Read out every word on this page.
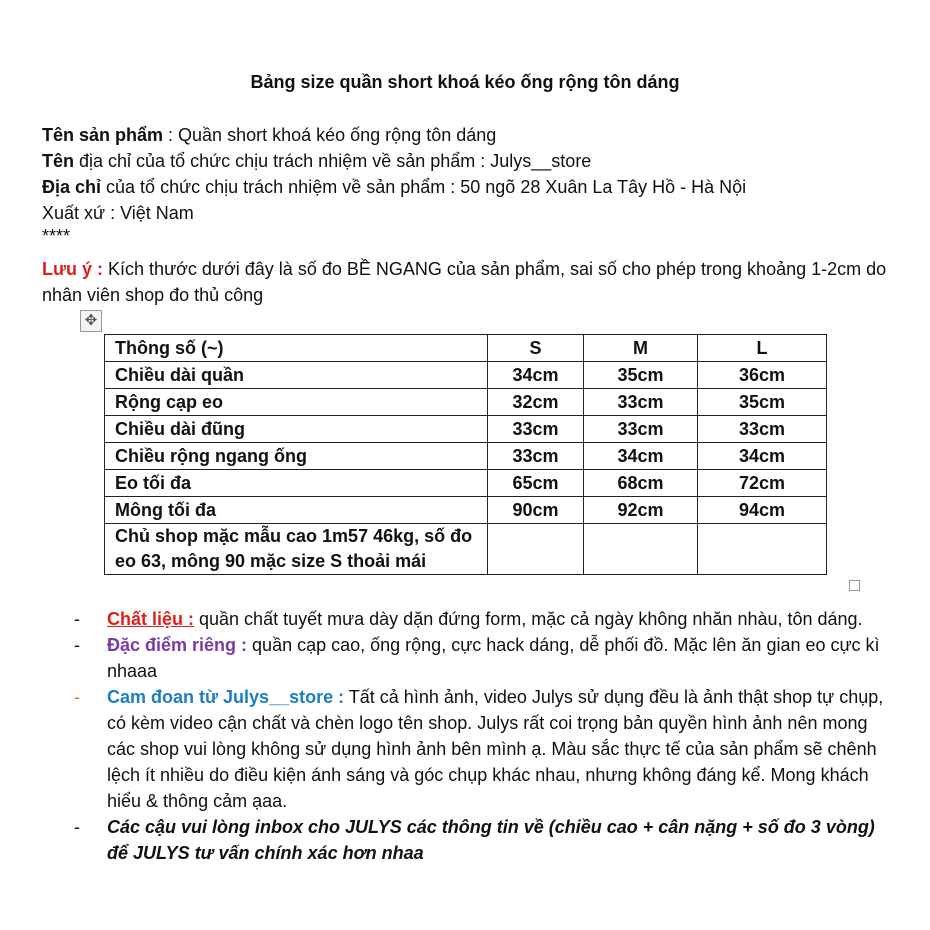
Bảng size quần short khoá kéo ống rộng tôn dáng
Tên sản phẩm : Quần short khoá kéo ống rộng tôn dáng
Tên địa chỉ của tổ chức chịu trách nhiệm về sản phẩm : Julys__store
Địa chỉ của tổ chức chịu trách nhiệm về sản phẩm : 50 ngõ 28 Xuân La Tây Hồ - Hà Nội
Xuất xứ : Việt Nam
****
Lưu ý : Kích thước dưới đây là số đo BỀ NGANG của sản phẩm, sai số cho phép trong khoảng 1-2cm do nhân viên shop đo thủ công
✥
Thông số (~)	S	M	L
Chiều dài quần	34cm	35cm	36cm
Rộng cạp eo	32cm	33cm	35cm
Chiều dài đũng	33cm	33cm	33cm
Chiều rộng ngang ống	33cm	34cm	34cm
Eo tối đa	65cm	68cm	72cm
Mông tối đa	90cm	92cm	94cm
Chủ shop mặc mẫu cao 1m57 46kg, số đo eo 63, mông 90 mặc size S thoải mái			
- Chất liệu : quần chất tuyết mưa dày dặn đứng form, mặc cả ngày không nhăn nhàu, tôn dáng.
- Đặc điểm riêng : quần cạp cao, ống rộng, cực hack dáng, dễ phối đồ. Mặc lên ăn gian eo cực kì nhaaa
- Cam đoan từ Julys__store : Tất cả hình ảnh, video Julys sử dụng đều là ảnh thật shop tự chụp, có kèm video cận chất và chèn logo tên shop. Julys rất coi trọng bản quyền hình ảnh nên mong các shop vui lòng không sử dụng hình ảnh bên mình ạ. Màu sắc thực tế của sản phẩm sẽ chênh lệch ít nhiều do điều kiện ánh sáng và góc chụp khác nhau, nhưng không đáng kể. Mong khách hiểu & thông cảm ạaa.
- Các cậu vui lòng inbox cho JULYS các thông tin về (chiều cao + cân nặng + số đo 3 vòng) để JULYS tư vấn chính xác hơn nhaa
